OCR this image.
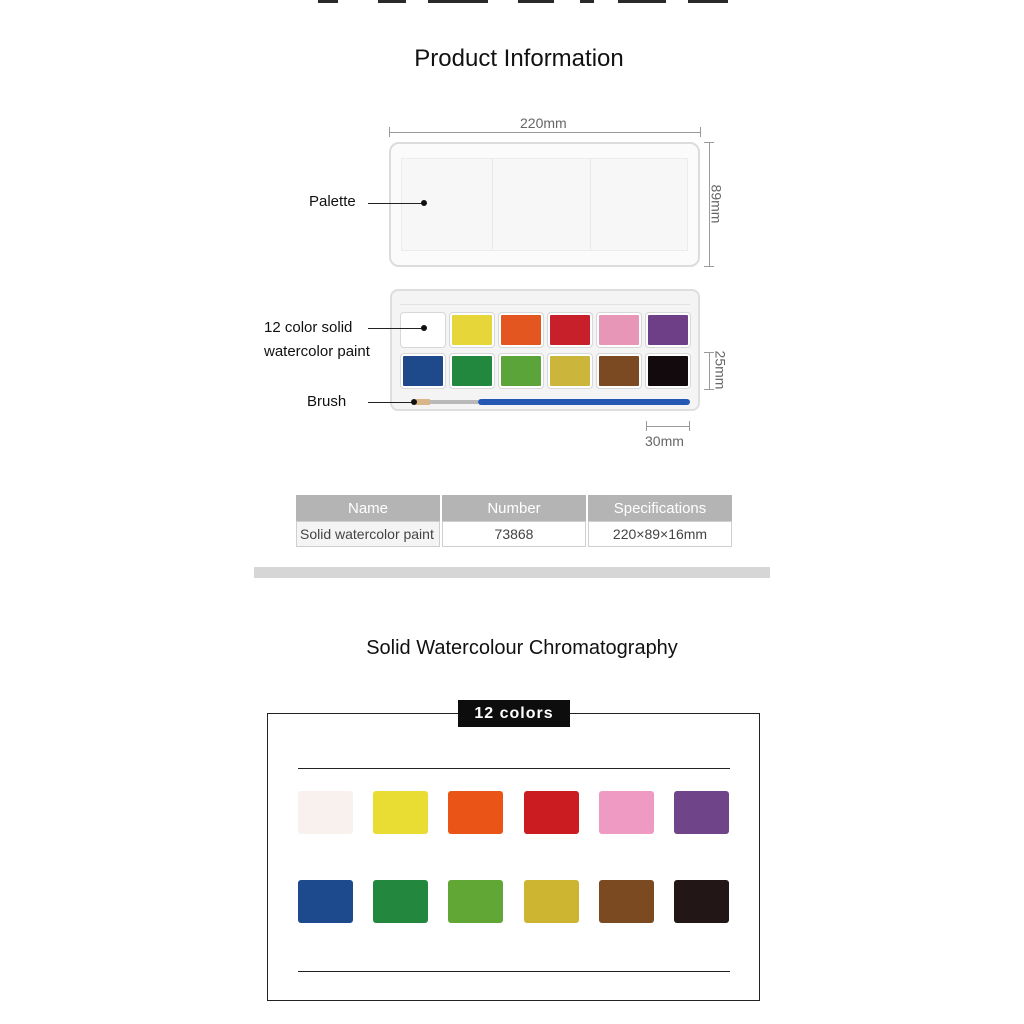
Product Information
220mm
89mm
Palette
25mm
30mm
12 color solid
watercolor paint
Brush
Name	Number	Specifications
Solid watercolor paint	73868	220×89×16mm
Solid Watercolour Chromatography
12 colors
